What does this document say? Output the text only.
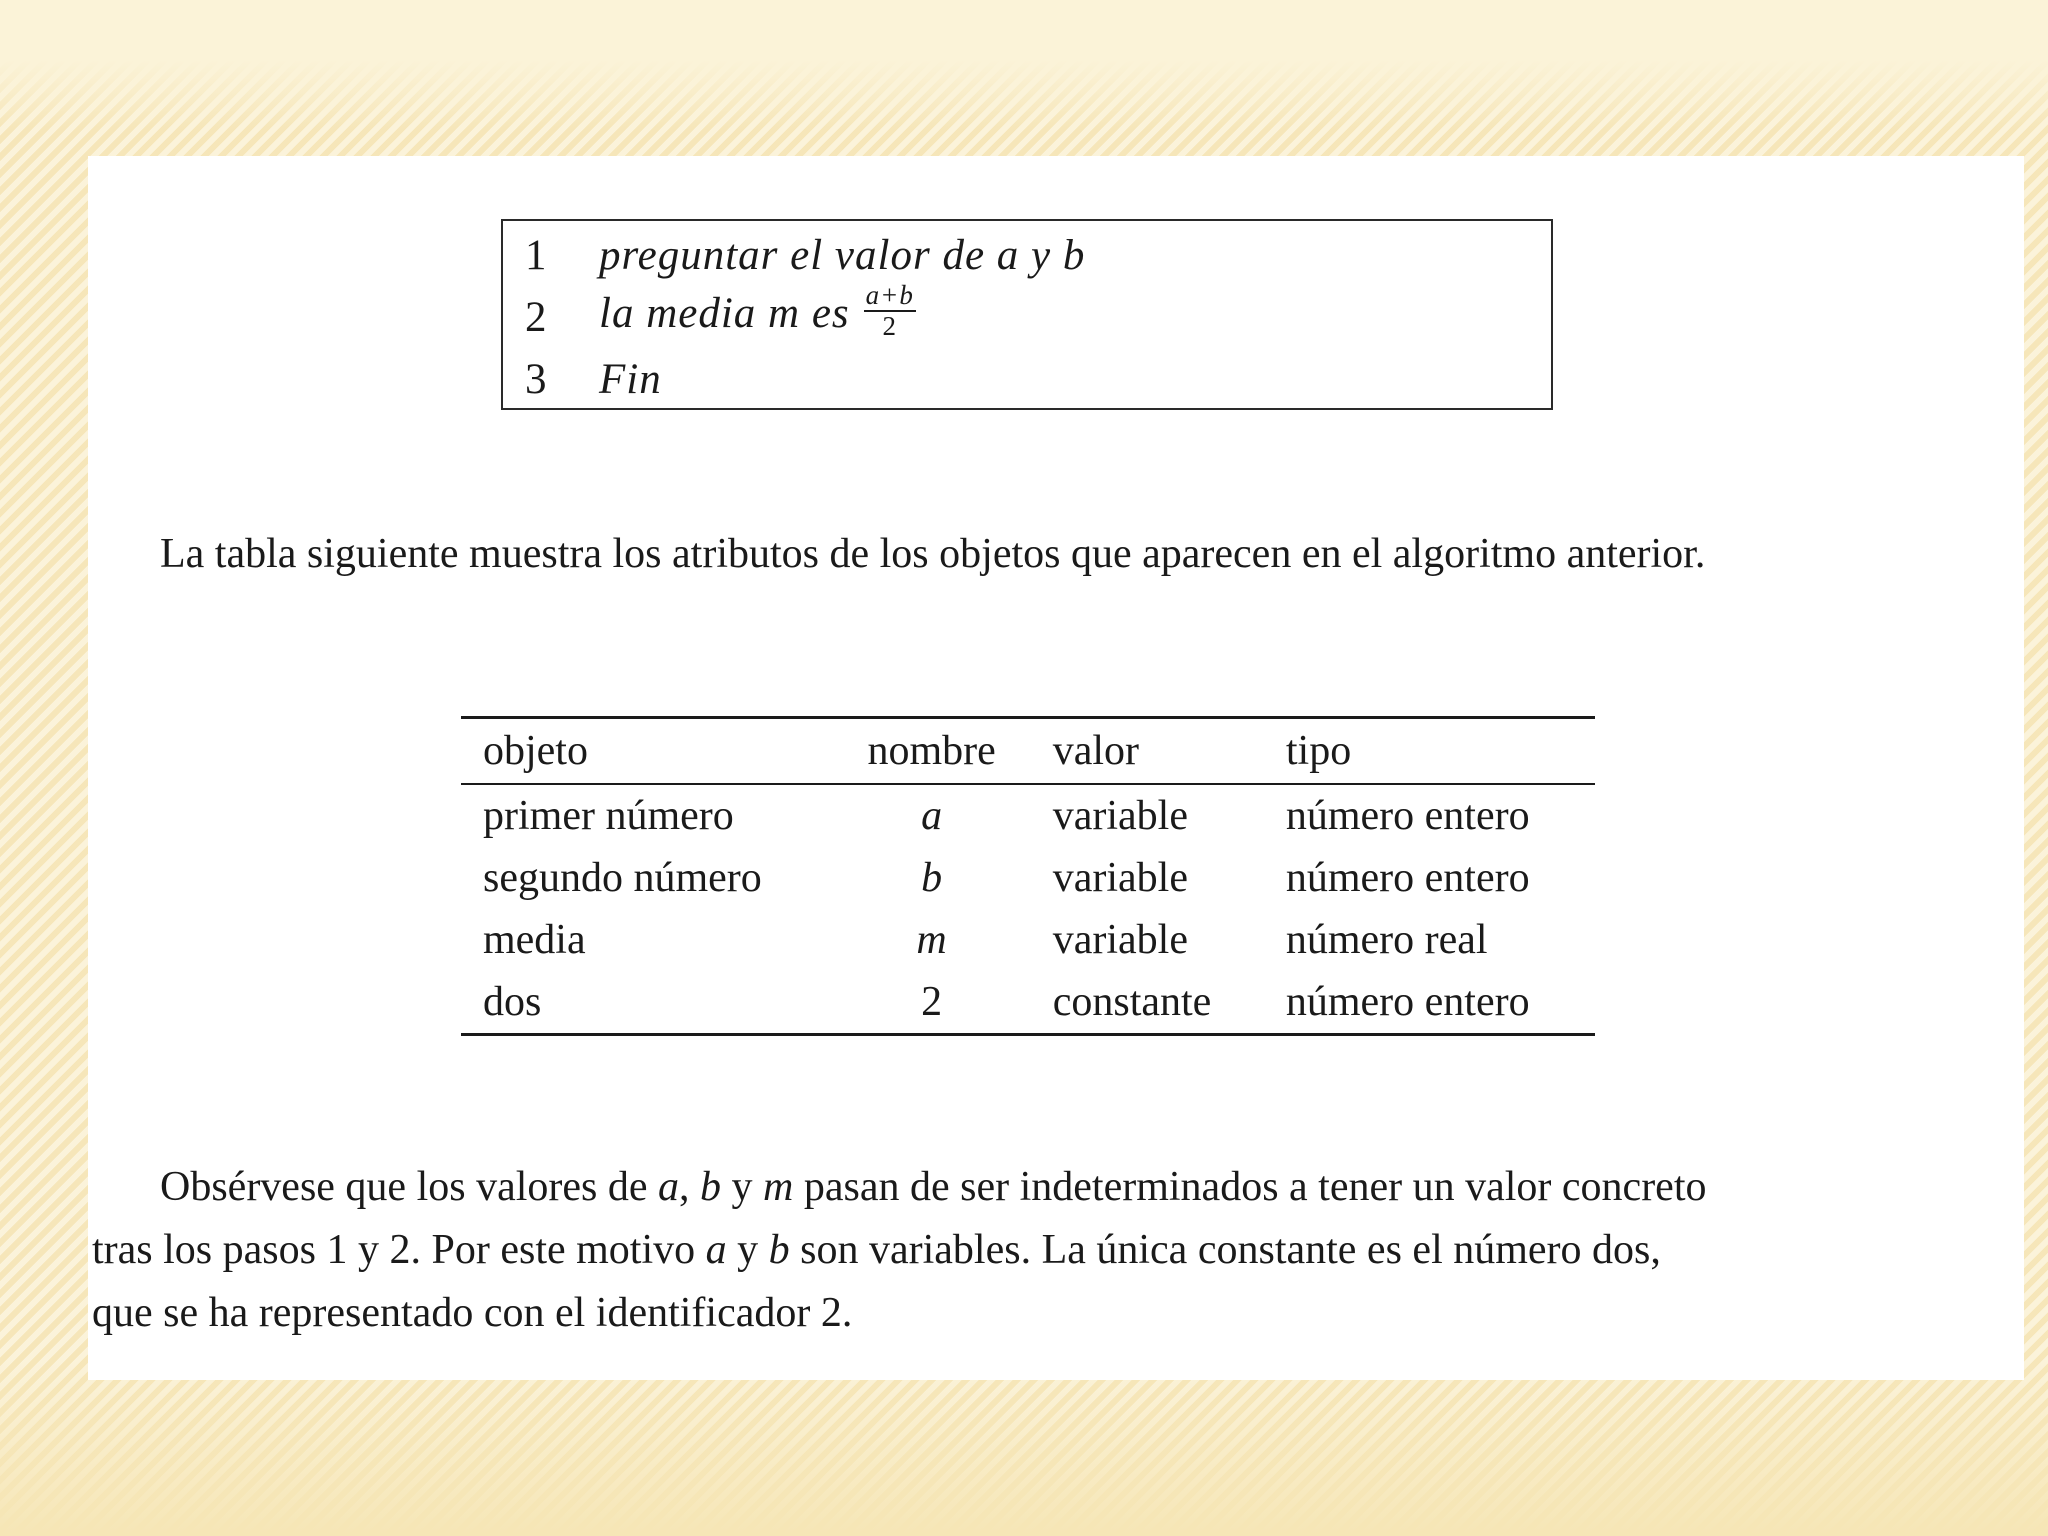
1 preguntar el valor de a y b
2 la media m es $\frac{a+b}{2}$
3 Fin
La tabla siguiente muestra los atributos de los objetos que aparecen en el algoritmo anterior.
objeto	nombre	valor	tipo
primer número	a	variable	número entero
segundo número	b	variable	número entero
media	m	variable	número real
dos	2	constante	número entero
Obsérvese que los valores de a, b y m pasan de ser indeterminados a tener un valor concreto
tras los pasos 1 y 2. Por este motivo a y b son variables. La única constante es el número dos,
que se ha representado con el identificador 2.
